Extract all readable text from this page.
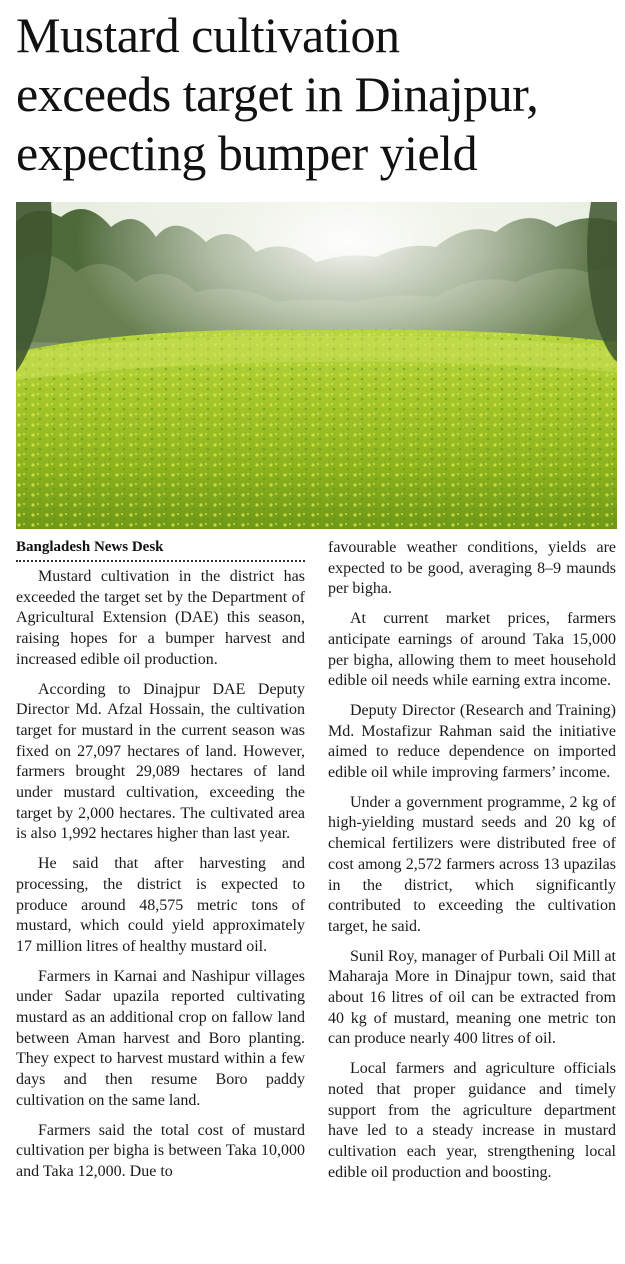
Mustard cultivation
exceeds target in Dinajpur,
expecting bumper yield
Bangladesh News Desk

Mustard cultivation in the district has exceeded the target set by the Department of Agricultural Extension (DAE) this season, raising hopes for a bumper harvest and increased edible oil production.

According to Dinajpur DAE Deputy Director Md. Afzal Hossain, the cultivation target for mustard in the current season was fixed on 27,097 hectares of land. However, farmers brought 29,089 hectares of land under mustard cultivation, exceeding the target by 2,000 hectares. The cultivated area is also 1,992 hectares higher than last year.

He said that after harvesting and processing, the district is expected to produce around 48,575 metric tons of mustard, which could yield approximately 17 million litres of healthy mustard oil.

Farmers in Karnai and Nashipur villages under Sadar upazila reported cultivating mustard as an additional crop on fallow land between Aman harvest and Boro planting. They expect to harvest mustard within a few days and then resume Boro paddy cultivation on the same land.

Farmers said the total cost of mustard cultivation per bigha is between Taka 10,000 and Taka 12,000. Due to

favourable weather conditions, yields are expected to be good, averaging 8–9 maunds per bigha.

At current market prices, farmers anticipate earnings of around Taka 15,000 per bigha, allowing them to meet household edible oil needs while earning extra income.

Deputy Director (Research and Training) Md. Mostafizur Rahman said the initiative aimed to reduce dependence on imported edible oil while improving farmers’ income.

Under a government programme, 2 kg of high-yielding mustard seeds and 20 kg of chemical fertilizers were distributed free of cost among 2,572 farmers across 13 upazilas in the district, which significantly contributed to exceeding the cultivation target, he said.

Sunil Roy, manager of Purbali Oil Mill at Maharaja More in Dinajpur town, said that about 16 litres of oil can be extracted from 40 kg of mustard, meaning one metric ton can produce nearly 400 litres of oil.

Local farmers and agriculture officials noted that proper guidance and timely support from the agriculture department have led to a steady increase in mustard cultivation each year, strengthening local edible oil production and boosting.
